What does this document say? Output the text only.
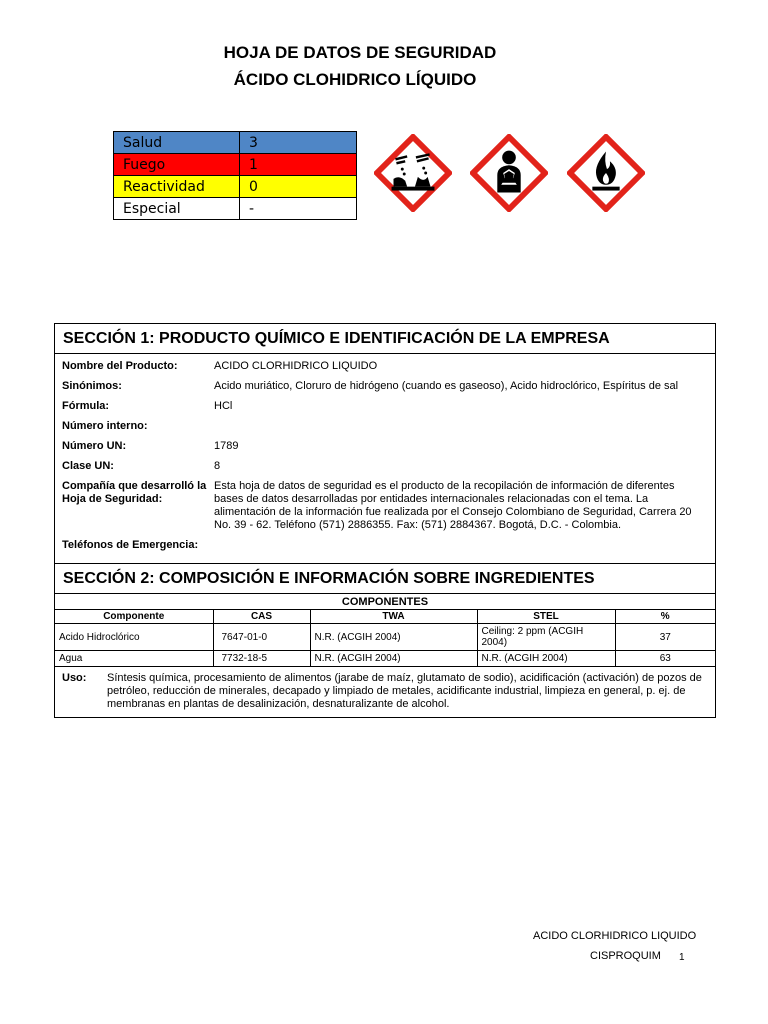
HOJA DE DATOS DE SEGURIDAD
ÁCIDO CLOHIDRICO LÍQUIDO
Salud	3
Fuego	1
Reactividad	0
Especial	-
SECCIÓN 1: PRODUCTO QUÍMICO E IDENTIFICACIÓN DE LA EMPRESA
Nombre del Producto:	ACIDO CLORHIDRICO LIQUIDO
Sinónimos:	Acido muriático, Cloruro de hidrógeno (cuando es gaseoso), Acido hidroclórico, Espíritus de sal
Fórmula:	HCl
Número interno:
Número UN:	1789
Clase UN:	8
Compañía que desarrolló la Hoja de Seguridad:
Esta hoja de datos de seguridad es el producto de la recopilación de información de diferentes bases de datos desarrolladas por entidades internacionales relacionadas con el tema. La alimentación de la información fue realizada por el Consejo Colombiano de Seguridad, Carrera 20 No. 39 - 62. Teléfono (571) 2886355. Fax: (571) 2884367. Bogotá, D.C. - Colombia.
Teléfonos de Emergencia:
SECCIÓN 2: COMPOSICIÓN E INFORMACIÓN SOBRE INGREDIENTES
COMPONENTES
Componente	CAS	TWA	STEL	%
Acido Hidroclórico	7647-01-0	N.R. (ACGIH 2004)	Ceiling: 2 ppm (ACGIH 2004)	37
Agua	7732-18-5	N.R. (ACGIH 2004)	N.R. (ACGIH 2004)	63
Uso:	Síntesis química, procesamiento de alimentos (jarabe de maíz, glutamato de sodio), acidificación (activación) de pozos de petróleo, reducción de minerales, decapado y limpiado de metales, acidificante industrial, limpieza en general, p. ej. de membranas en plantas de desalinización, desnaturalizante de alcohol.
ACIDO CLORHIDRICO LIQUIDO
CISPROQUIM 1
